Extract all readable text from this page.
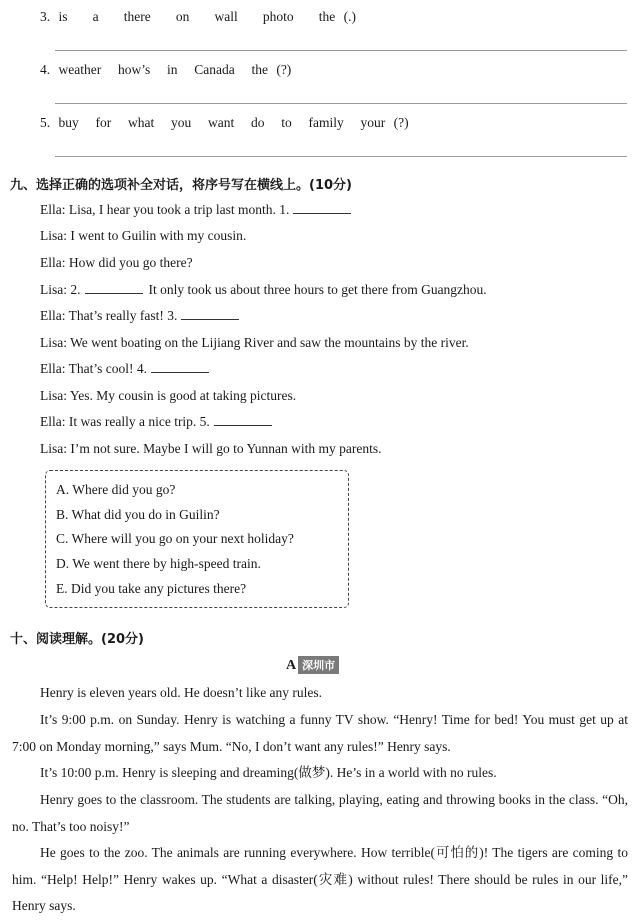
3. is   a   there   on   wall   photo   the (.)
4. weather  how’s  in  Canada  the (?)
5. buy  for  what  you  want  do  to  family  your (?)
九、选择正确的选项补全对话，将序号写在横线上。(10分)
Ella: Lisa, I hear you took a trip last month. 1.
Lisa: I went to Guilin with my cousin.
Ella: How did you go there?
Lisa: 2.	It only took us about three hours to get there from Guangzhou.
Ella: That’s really fast! 3.
Lisa: We went boating on the Lijiang River and saw the mountains by the river.
Ella: That’s cool! 4.
Lisa: Yes. My cousin is good at taking pictures.
Ella: It was really a nice trip. 5.
Lisa: I’m not sure. Maybe I will go to Yunnan with my parents.
A. Where did you go?
B. What did you do in Guilin?
C. Where will you go on your next holiday?
D. We went there by high-speed train.
E. Did you take any pictures there?
十、阅读理解。(20分)
A 深圳市
Henry is eleven years old. He doesn’t like any rules.
It’s 9:00 p.m. on Sunday. Henry is watching a funny TV show. “Henry! Time for bed! You must get up at 7:00 on Monday morning,” says Mum. “No, I don’t want any rules!” Henry says.
It’s 10:00 p.m. Henry is sleeping and dreaming(做梦). He’s in a world with no rules.
Henry goes to the classroom. The students are talking, playing, eating and throwing books in the class. “Oh, no. That’s too noisy!”
He goes to the zoo. The animals are running everywhere. How terrible(可怕的)! The tigers are coming to him. “Help! Help!” Henry wakes up. “What a disaster(灾难) without rules! There should be rules in our life,” Henry says.
